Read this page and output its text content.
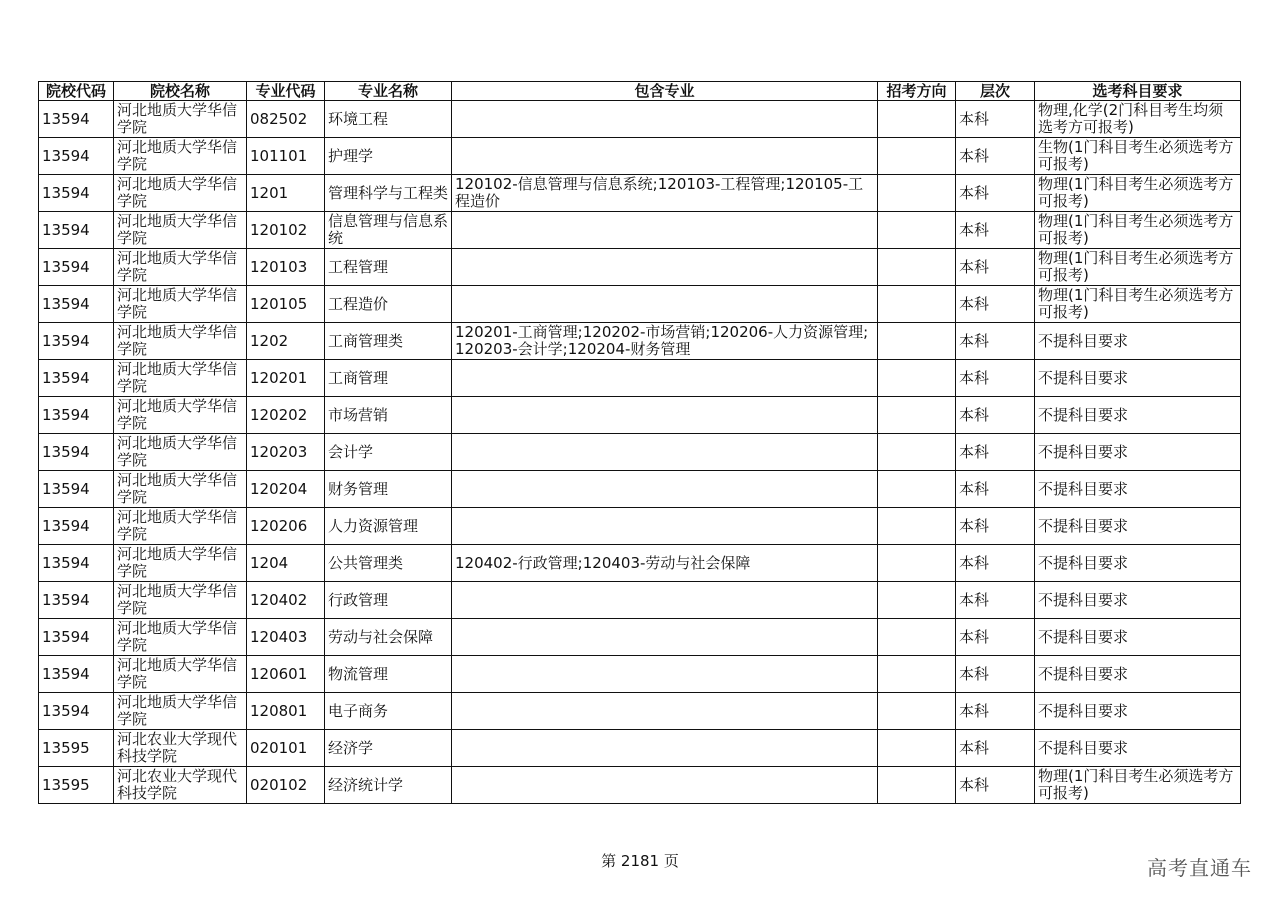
院校代码	院校名称	专业代码	专业名称	包含专业	招考方向	层次	选考科目要求
13594	河北地质大学华信学院	082502	环境工程			本科	物理,化学(2门科目考生均须选考方可报考)
13594	河北地质大学华信学院	101101	护理学			本科	生物(1门科目考生必须选考方可报考)
13594	河北地质大学华信学院	1201	管理科学与工程类	120102-信息管理与信息系统;120103-工程管理;120105-工程造价		本科	物理(1门科目考生必须选考方可报考)
13594	河北地质大学华信学院	120102	信息管理与信息系统			本科	物理(1门科目考生必须选考方可报考)
13594	河北地质大学华信学院	120103	工程管理			本科	物理(1门科目考生必须选考方可报考)
13594	河北地质大学华信学院	120105	工程造价			本科	物理(1门科目考生必须选考方可报考)
13594	河北地质大学华信学院	1202	工商管理类	120201-工商管理;120202-市场营销;120206-人力资源管理;120203-会计学;120204-财务管理		本科	不提科目要求
13594	河北地质大学华信学院	120201	工商管理			本科	不提科目要求
13594	河北地质大学华信学院	120202	市场营销			本科	不提科目要求
13594	河北地质大学华信学院	120203	会计学			本科	不提科目要求
13594	河北地质大学华信学院	120204	财务管理			本科	不提科目要求
13594	河北地质大学华信学院	120206	人力资源管理			本科	不提科目要求
13594	河北地质大学华信学院	1204	公共管理类	120402-行政管理;120403-劳动与社会保障		本科	不提科目要求
13594	河北地质大学华信学院	120402	行政管理			本科	不提科目要求
13594	河北地质大学华信学院	120403	劳动与社会保障			本科	不提科目要求
13594	河北地质大学华信学院	120601	物流管理			本科	不提科目要求
13594	河北地质大学华信学院	120801	电子商务			本科	不提科目要求
13595	河北农业大学现代科技学院	020101	经济学			本科	不提科目要求
13595	河北农业大学现代科技学院	020102	经济统计学			本科	物理(1门科目考生必须选考方可报考)
第 2181 页	高考直通车
